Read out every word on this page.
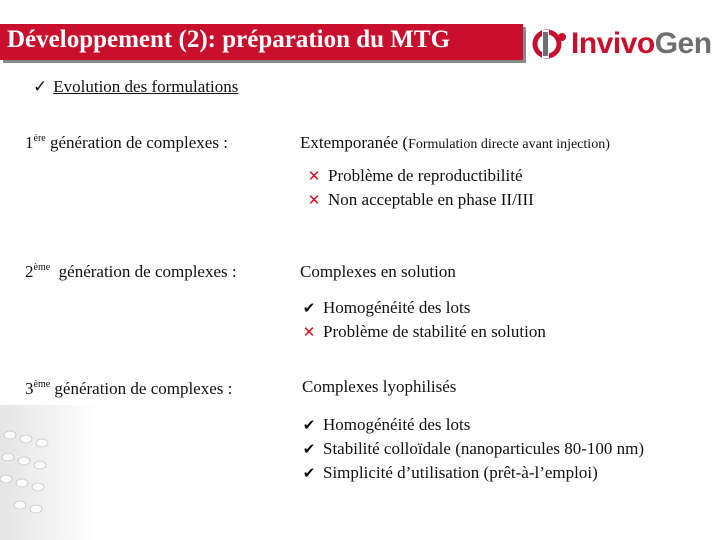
Développement (2): préparation du MTG	InvivoGen
✓ Evolution des formulations
1ère génération de complexes :	Extemporanée (Formulation directe avant injection)
✕ Problème de reproductibilité
✕ Non acceptable en phase II/III
2ème  génération de complexes :	Complexes en solution
✔ Homogénéité des lots
✕ Problème de stabilité en solution
3ème génération de complexes :	Complexes lyophilisés
✔ Homogénéité des lots
✔ Stabilité colloïdale (nanoparticules 80-100 nm)
✔ Simplicité d’utilisation (prêt-à-l’emploi)
